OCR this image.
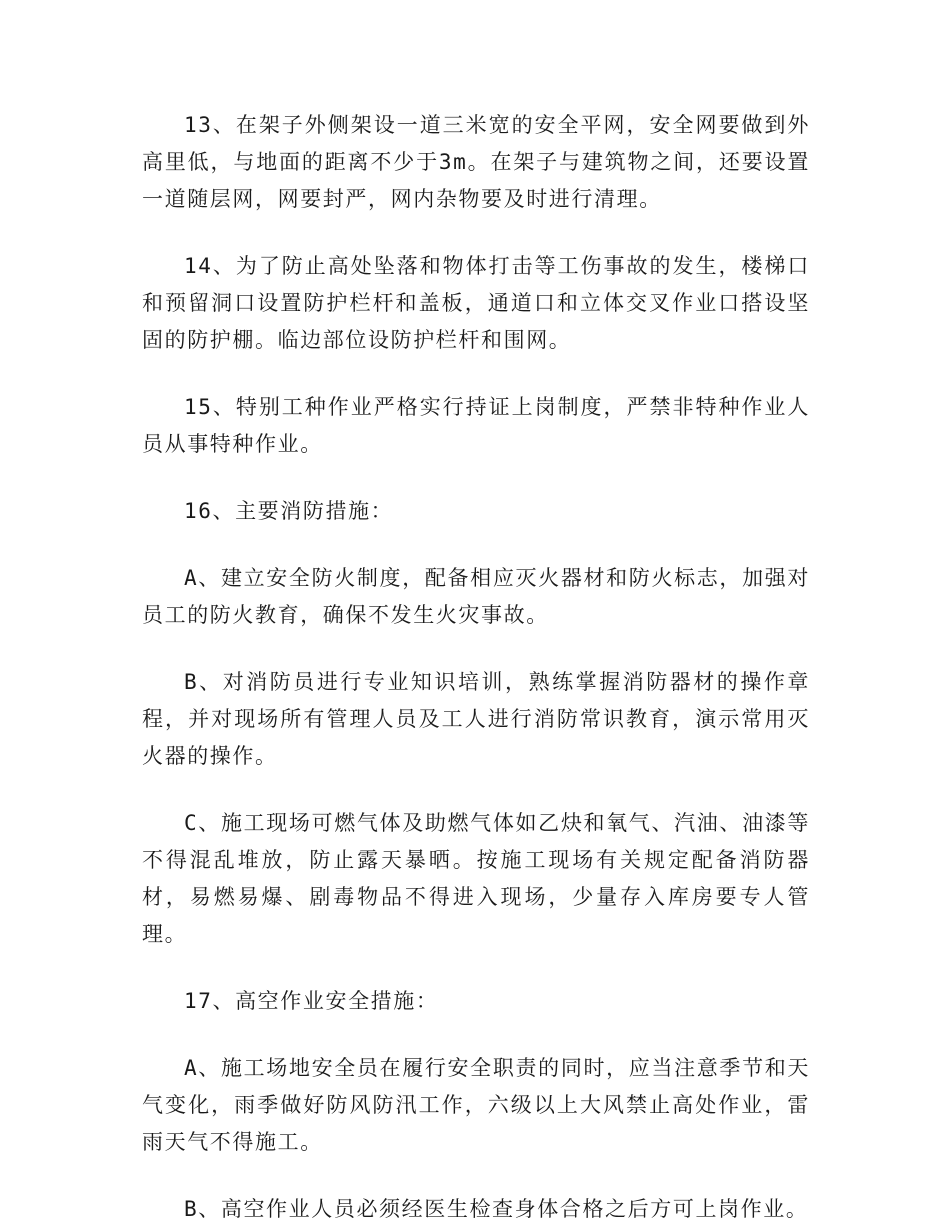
13、在架子外侧架设一道三米宽的安全平网，安全网要做到外高里低，与地面的距离不少于3m。在架子与建筑物之间，还要设置一道随层网，网要封严，网内杂物要及时进行清理。

14、为了防止高处坠落和物体打击等工伤事故的发生，楼梯口和预留洞口设置防护栏杆和盖板，通道口和立体交叉作业口搭设坚固的防护棚。临边部位设防护栏杆和围网。

15、特别工种作业严格实行持证上岗制度，严禁非特种作业人员从事特种作业。

16、主要消防措施：

A、建立安全防火制度，配备相应灭火器材和防火标志，加强对员工的防火教育，确保不发生火灾事故。

B、对消防员进行专业知识培训，熟练掌握消防器材的操作章程，并对现场所有管理人员及工人进行消防常识教育，演示常用灭火器的操作。

C、施工现场可燃气体及助燃气体如乙炔和氧气、汽油、油漆等不得混乱堆放，防止露天暴晒。按施工现场有关规定配备消防器材，易燃易爆、剧毒物品不得进入现场，少量存入库房要专人管理。

17、高空作业安全措施：

A、施工场地安全员在履行安全职责的同时，应当注意季节和天气变化，雨季做好防风防汛工作，六级以上大风禁止高处作业，雷雨天气不得施工。

B、高空作业人员必须经医生检查身体合格之后方可上岗作业。
